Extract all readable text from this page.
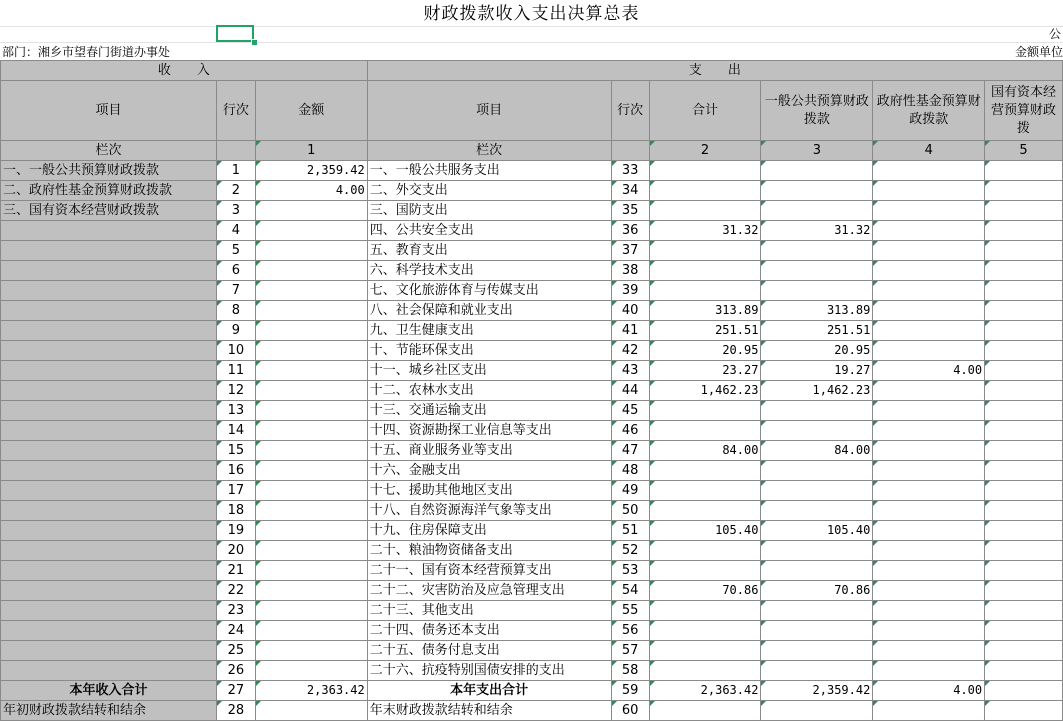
财政拨款收入支出决算总表
公
部门：湘乡市望春门街道办事处	金额单位
收　　入			支　　出					
项目	行次	金额	项目	行次	合计	一般公共预算财政拨款	政府性基金预算财政拨款	国有资本经营预算财政拨
栏次		1	栏次		2	3	4	5
一、一般公共预算财政拨款	1	2,359.42	一、一般公共服务支出	33				
二、政府性基金预算财政拨款	2	4.00	二、外交支出	34				
三、国有资本经营财政拨款	3		三、国防支出	35				
	4		四、公共安全支出	36	31.32	31.32		
	5		五、教育支出	37				
	6		六、科学技术支出	38				
	7		七、文化旅游体育与传媒支出	39				
	8		八、社会保障和就业支出	40	313.89	313.89		
	9		九、卫生健康支出	41	251.51	251.51		
	10		十、节能环保支出	42	20.95	20.95		
	11		十一、城乡社区支出	43	23.27	19.27	4.00	
	12		十二、农林水支出	44	1,462.23	1,462.23		
	13		十三、交通运输支出	45				
	14		十四、资源勘探工业信息等支出	46				
	15		十五、商业服务业等支出	47	84.00	84.00		
	16		十六、金融支出	48				
	17		十七、援助其他地区支出	49				
	18		十八、自然资源海洋气象等支出	50				
	19		十九、住房保障支出	51	105.40	105.40		
	20		二十、粮油物资储备支出	52				
	21		二十一、国有资本经营预算支出	53				
	22		二十二、灾害防治及应急管理支出	54	70.86	70.86		
	23		二十三、其他支出	55				
	24		二十四、债务还本支出	56				
	25		二十五、债务付息支出	57				
	26		二十六、抗疫特别国债安排的支出	58				
本年收入合计	27	2,363.42	本年支出合计	59	2,363.42	2,359.42	4.00	
年初财政拨款结转和结余	28		年末财政拨款结转和结余	60				
